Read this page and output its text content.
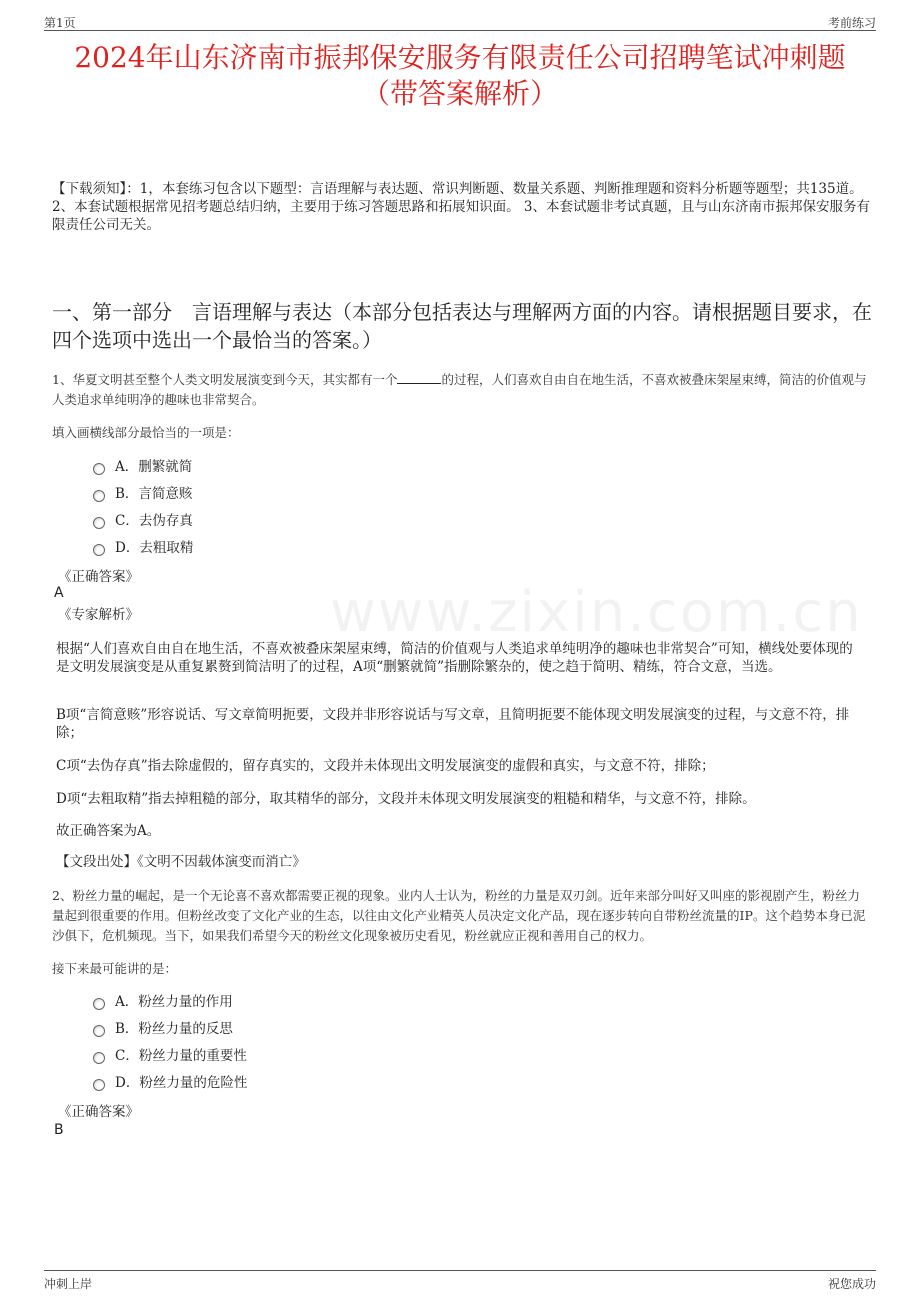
第1页	考前练习
www.zixin.com.cn
2024年山东济南市振邦保安服务有限责任公司招聘笔试冲刺题
（带答案解析）
【下载须知】：1，本套练习包含以下题型：言语理解与表达题、常识判断题、数量关系题、判断推理题和资料分析题等题型；共135道。 2、本套试题根据常见招考题总结归纳，主要用于练习答题思路和拓展知识面。 3、本套试题非考试真题，且与山东济南市振邦保安服务有限责任公司无关。
一、第一部分　言语理解与表达（本部分包括表达与理解两方面的内容。请根据题目要求，在四个选项中选出一个最恰当的答案。）
1、华夏文明甚至整个人类文明发展演变到今天，其实都有一个	的过程，人们喜欢自由自在地生活，不喜欢被叠床架屋束缚，简洁的价值观与人类追求单纯明净的趣味也非常契合。
填入画横线部分最恰当的一项是：
A．删繁就简
B．言简意赅
C．去伪存真
D．去粗取精
《正确答案》
A
《专家解析》
根据“人们喜欢自由自在地生活，不喜欢被叠床架屋束缚，简洁的价值观与人类追求单纯明净的趣味也非常契合”可知，横线处要体现的是文明发展演变是从重复累赘到简洁明了的过程，A项“删繁就简”指删除繁杂的，使之趋于简明、精练，符合文意，当选。
B项“言简意赅”形容说话、写文章简明扼要，文段并非形容说话与写文章，且简明扼要不能体现文明发展演变的过程，与文意不符，排除；
C项“去伪存真”指去除虚假的，留存真实的，文段并未体现出文明发展演变的虚假和真实，与文意不符，排除；
D项“去粗取精”指去掉粗糙的部分，取其精华的部分，文段并未体现文明发展演变的粗糙和精华，与文意不符，排除。
故正确答案为A。
【文段出处】《文明不因载体演变而消亡》
2、粉丝力量的崛起，是一个无论喜不喜欢都需要正视的现象。业内人士认为，粉丝的力量是双刃剑。近年来部分叫好又叫座的影视剧产生，粉丝力量起到很重要的作用。但粉丝改变了文化产业的生态，以往由文化产业精英人员决定文化产品，现在逐步转向自带粉丝流量的IP。这个趋势本身已泥沙俱下，危机频现。当下，如果我们希望今天的粉丝文化现象被历史看见，粉丝就应正视和善用自己的权力。
接下来最可能讲的是：
A．粉丝力量的作用
B．粉丝力量的反思
C．粉丝力量的重要性
D．粉丝力量的危险性
《正确答案》
B
冲刺上岸	祝您成功
